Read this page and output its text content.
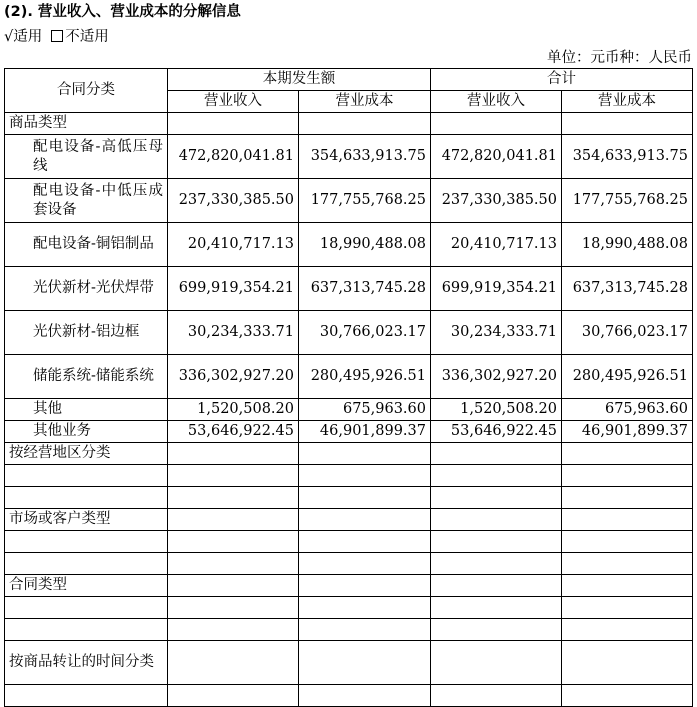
(2). 营业收入、营业成本的分解信息
√适用 不适用
单位：元币种：人民币
合同分类	本期发生额		合计	
	营业收入	营业成本	营业收入	营业成本
商品类型				
配电设备-高低压母线	472,820,041.81	354,633,913.75	472,820,041.81	354,633,913.75
配电设备-中低压成套设备	237,330,385.50	177,755,768.25	237,330,385.50	177,755,768.25
配电设备-铜铝制品	20,410,717.13	18,990,488.08	20,410,717.13	18,990,488.08
光伏新材-光伏焊带	699,919,354.21	637,313,745.28	699,919,354.21	637,313,745.28
光伏新材-铝边框	30,234,333.71	30,766,023.17	30,234,333.71	30,766,023.17
储能系统-储能系统	336,302,927.20	280,495,926.51	336,302,927.20	280,495,926.51
其他	1,520,508.20	675,963.60	1,520,508.20	675,963.60
其他业务	53,646,922.45	46,901,899.37	53,646,922.45	46,901,899.37
按经营地区分类				

市场或客户类型				

合同类型				

按商品转让的时间分类				
